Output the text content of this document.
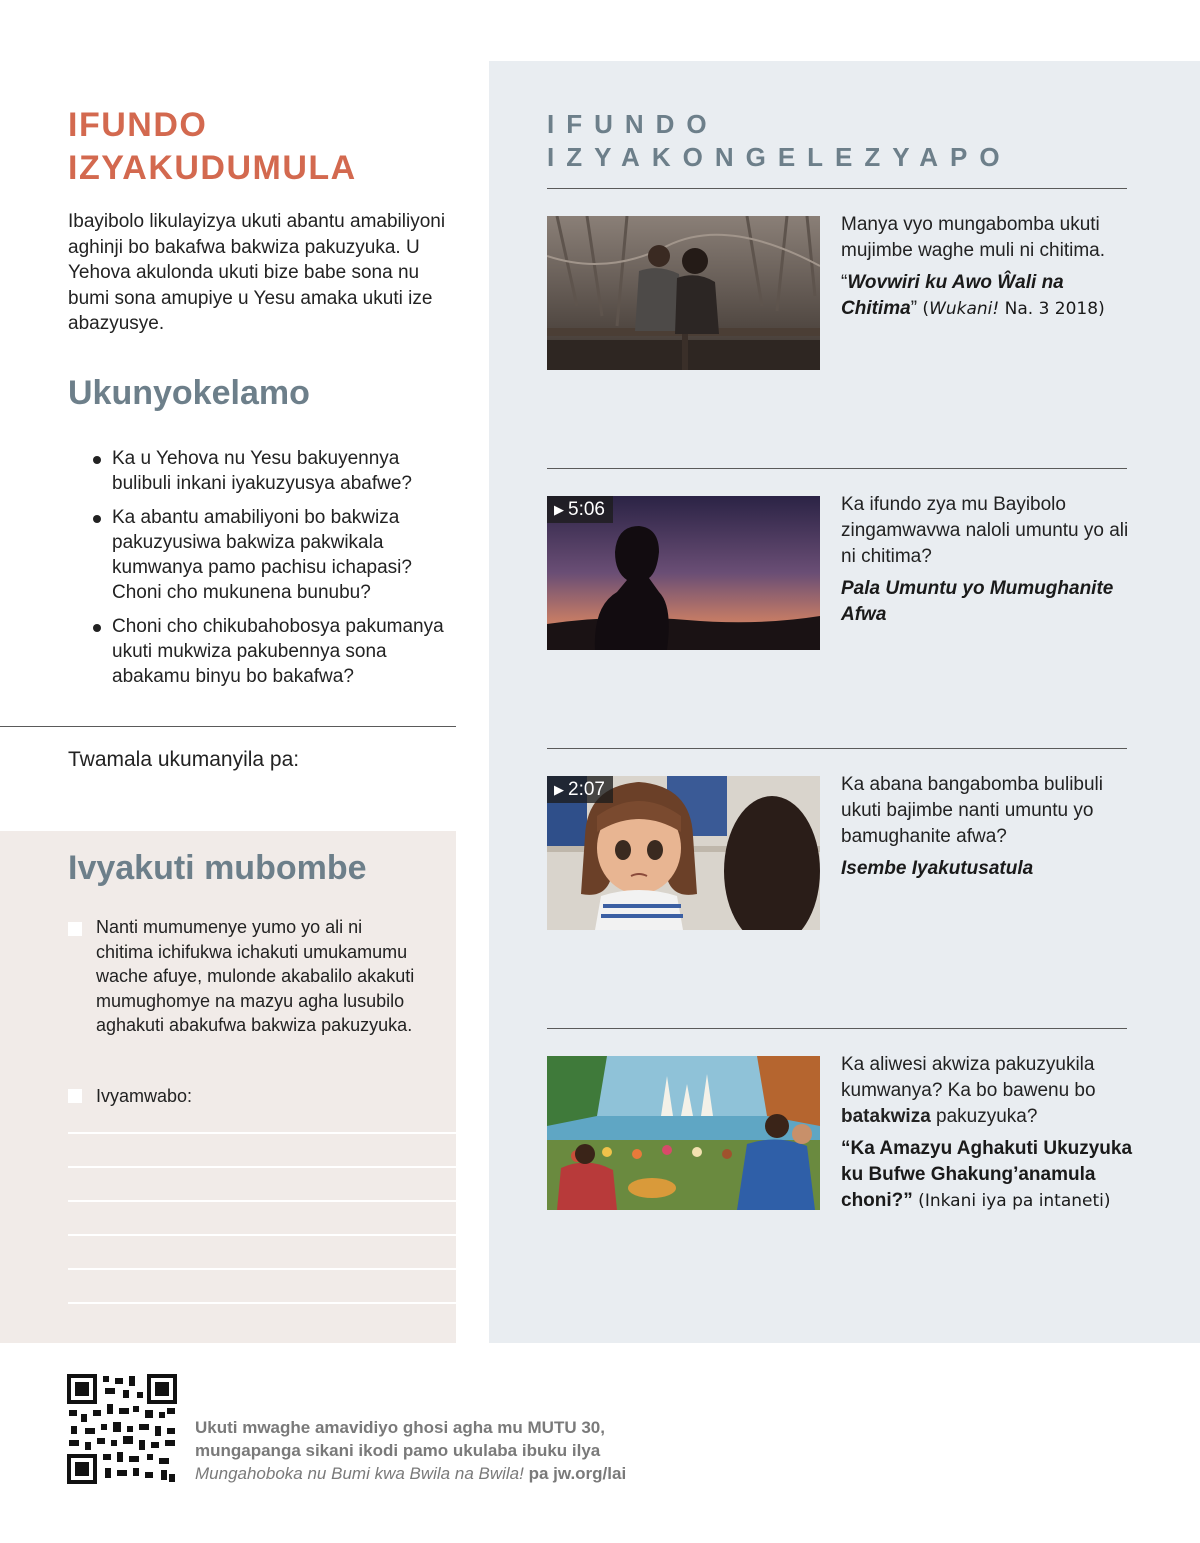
IFUNDO
IZYAKUDUMULA

Ibayibolo likulayizya ukuti abantu amabiliyoni aghinji bo bakafwa bakwiza pakuzyuka. U Yehova akulonda ukuti bize babe sona nu bumi sona amupiye u Yesu amaka ukuti ize abazyusye.

Ukunyokelamo
Ka u Yehova nu Yesu bakuyennya bulibuli inkani iyakuzyusya abafwe?
Ka abantu amabiliyoni bo bakwiza pakuzyusiwa bakwiza pakwikala kumwanya pamo pachisu ichapasi? Choni cho mukunena bunubu?
Choni cho chikubahobosya pakumanya ukuti mukwiza pakubennya sona abakamu binyu bo bakafwa?
Twamala ukumanyila pa:
Ivyakuti mubombe
Nanti mumumenye yumo yo ali ni chitima ichifukwa ichakuti umukamumu wache afuye, mulonde akabalilo akakuti mumughomye na mazyu agha lusubilo aghakuti abakufwa bakwiza pakuzyuka.
Ivyamwabo:
IFUNDO
IZYAKONGELEZYAPO

Manya vyo mungabomba ukuti mujimbe waghe muli ni chitima.

“Wovwiri ku Awo Ŵali na Chitima” (Wukani! Na. 3 2018)

▶ 5:06	Ka ifundo zya mu Bayibolo zingamwavwa naloli umuntu yo ali ni chitima?

Pala Umuntu yo Mumughanite Afwa

▶ 2:07	Ka abana bangabomba bulibuli ukuti bajimbe nanti umuntu yo bamughanite afwa?

Isembe Iyakutusatula

Ka aliwesi akwiza pakuzyukila kumwanya? Ka bo bawenu bo batakwiza pakuzyuka?

“Ka Amazyu Aghakuti Ukuzyuka ku Bufwe Ghakung’anamula choni?” (Inkani iya pa intaneti)

Ukuti mwaghe amavidiyo ghosi agha mu MUTU 30,
mungapanga sikani ikodi pamo ukulaba ibuku ilya
Mungahoboka nu Bumi kwa Bwila na Bwila! pa jw.org/lai
